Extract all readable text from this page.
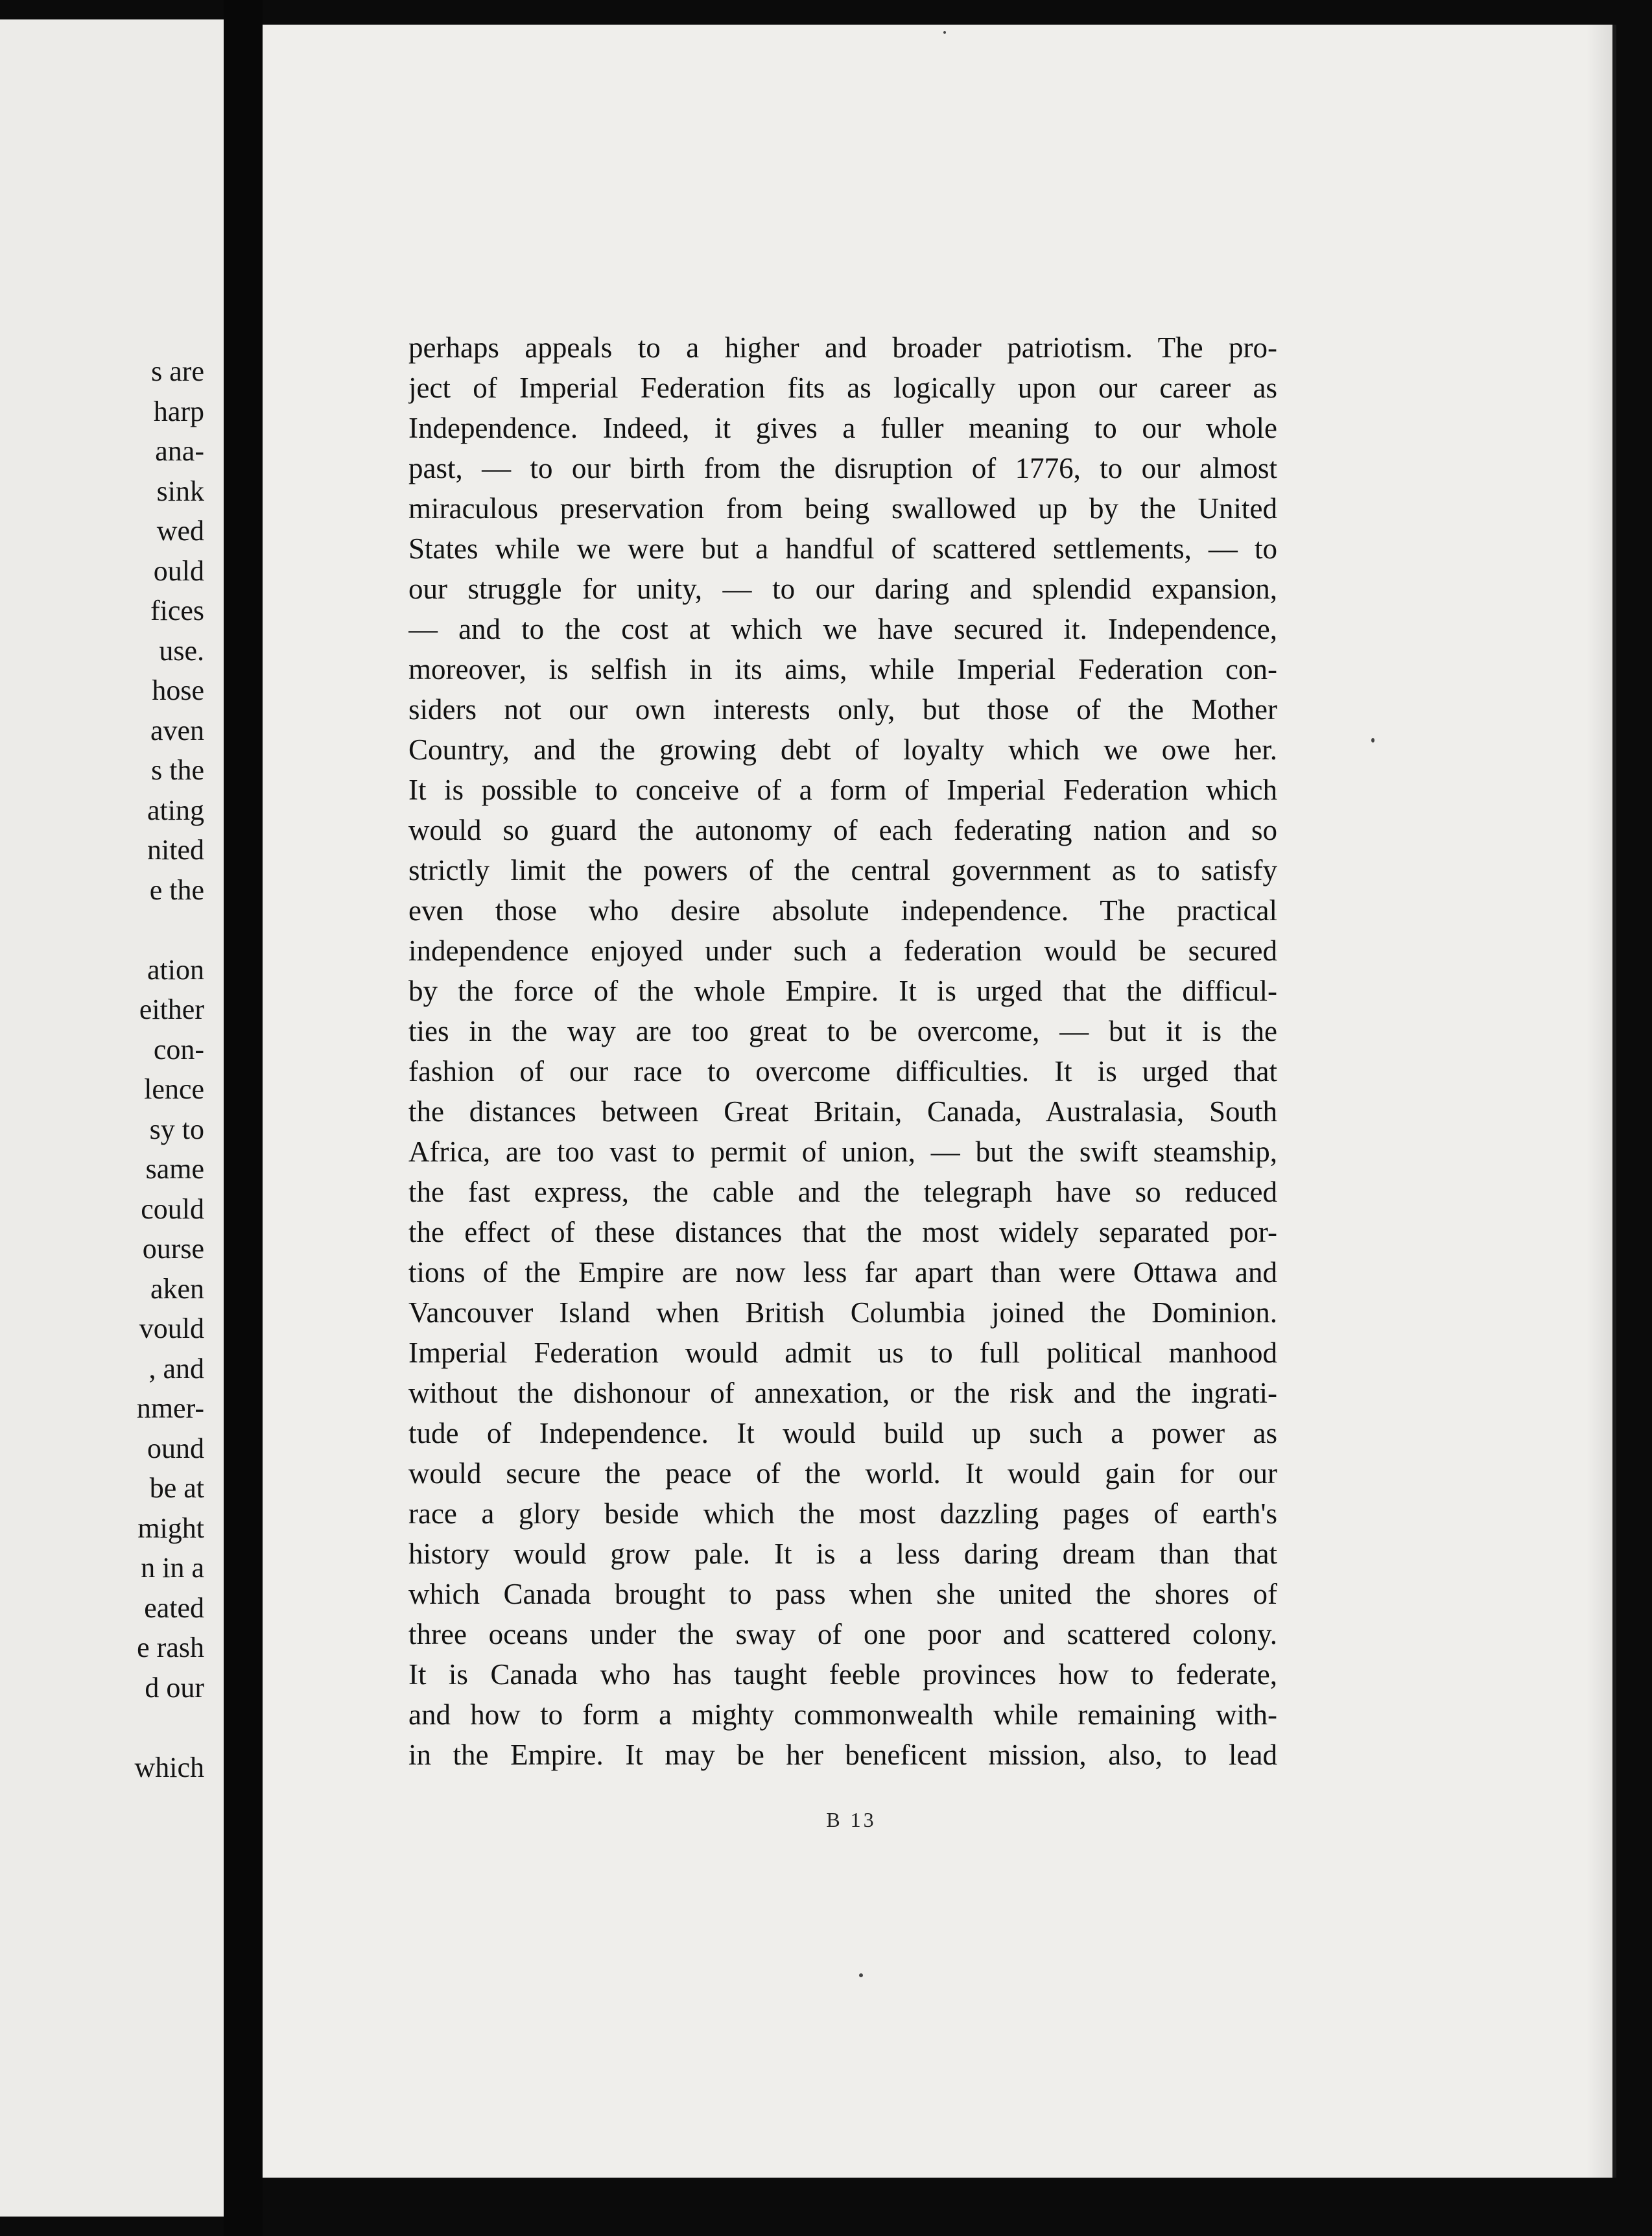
s are
harp
ana-
sink
wed
ould
fices
use.
hose
aven
s the
ating
nited
e the
ation
either
con-
lence
sy to
same
could
ourse
aken
vould
, and
nmer-
ound
be at
might
n in a
eated
e rash
d our
which
perhaps appeals to a higher and broader patriotism. The pro-
ject of Imperial Federation fits as logically upon our career as
Independence. Indeed, it gives a fuller meaning to our whole
past, — to our birth from the disruption of 1776, to our almost
miraculous preservation from being swallowed up by the United
States while we were but a handful of scattered settlements, — to
our struggle for unity, — to our daring and splendid expansion,
— and to the cost at which we have secured it. Independence,
moreover, is selfish in its aims, while Imperial Federation con-
siders not our own interests only, but those of the Mother
Country, and the growing debt of loyalty which we owe her.
It is possible to conceive of a form of Imperial Federation which
would so guard the autonomy of each federating nation and so
strictly limit the powers of the central government as to satisfy
even those who desire absolute independence. The practical
independence enjoyed under such a federation would be secured
by the force of the whole Empire. It is urged that the difficul-
ties in the way are too great to be overcome, — but it is the
fashion of our race to overcome difficulties. It is urged that
the distances between Great Britain, Canada, Australasia, South
Africa, are too vast to permit of union, — but the swift steamship,
the fast express, the cable and the telegraph have so reduced
the effect of these distances that the most widely separated por-
tions of the Empire are now less far apart than were Ottawa and
Vancouver Island when British Columbia joined the Dominion.
Imperial Federation would admit us to full political manhood
without the dishonour of annexation, or the risk and the ingrati-
tude of Independence. It would build up such a power as
would secure the peace of the world. It would gain for our
race a glory beside which the most dazzling pages of earth's
history would grow pale. It is a less daring dream than that
which Canada brought to pass when she united the shores of
three oceans under the sway of one poor and scattered colony.
It is Canada who has taught feeble provinces how to federate,
and how to form a mighty commonwealth while remaining with-
in the Empire. It may be her beneficent mission, also, to lead
B 13
